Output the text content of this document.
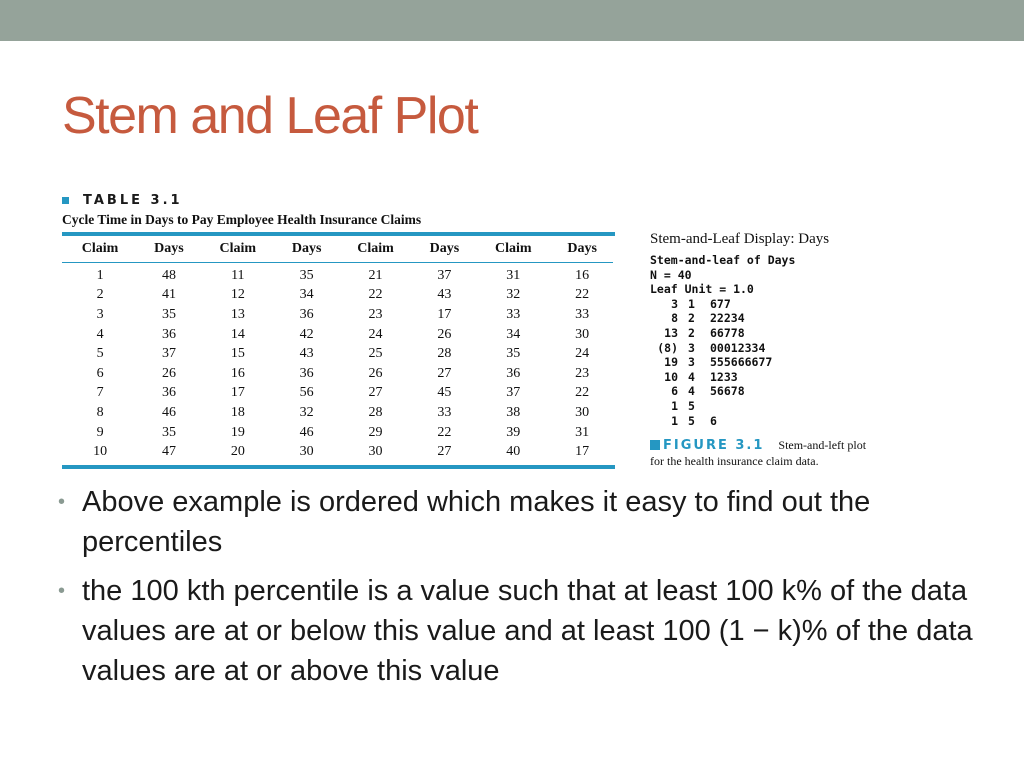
Stem and Leaf Plot
TABLE 3.1
Cycle Time in Days to Pay Employee Health Insurance Claims
Claim	Days	Claim	Days	Claim	Days	Claim	Days
1	48	11	35	21	37	31	16
2	41	12	34	22	43	32	22
3	35	13	36	23	17	33	33
4	36	14	42	24	26	34	30
5	37	15	43	25	28	35	24
6	26	16	36	26	27	36	23
7	36	17	56	27	45	37	22
8	46	18	32	28	33	38	30
9	35	19	46	29	22	39	31
10	47	20	30	30	27	40	17
Stem-and-Leaf Display: Days
Stem-and-leaf of Days
N = 40
Leaf Unit = 1.0
3 1	677
8 2	22234
13 2	66778
(8) 3	00012334
19 3	555666677
10 4	1233
6 4	56678
1 5
1 5	6
FIGURE 3.1 Stem-and-left plot
for the health insurance claim data.
• Above example is ordered which makes it easy to find out the percentiles
• the 100 kth percentile is a value such that at least 100 k% of the data values are at or below this value and at least 100 (1 − k)% of the data values are at or above this value
